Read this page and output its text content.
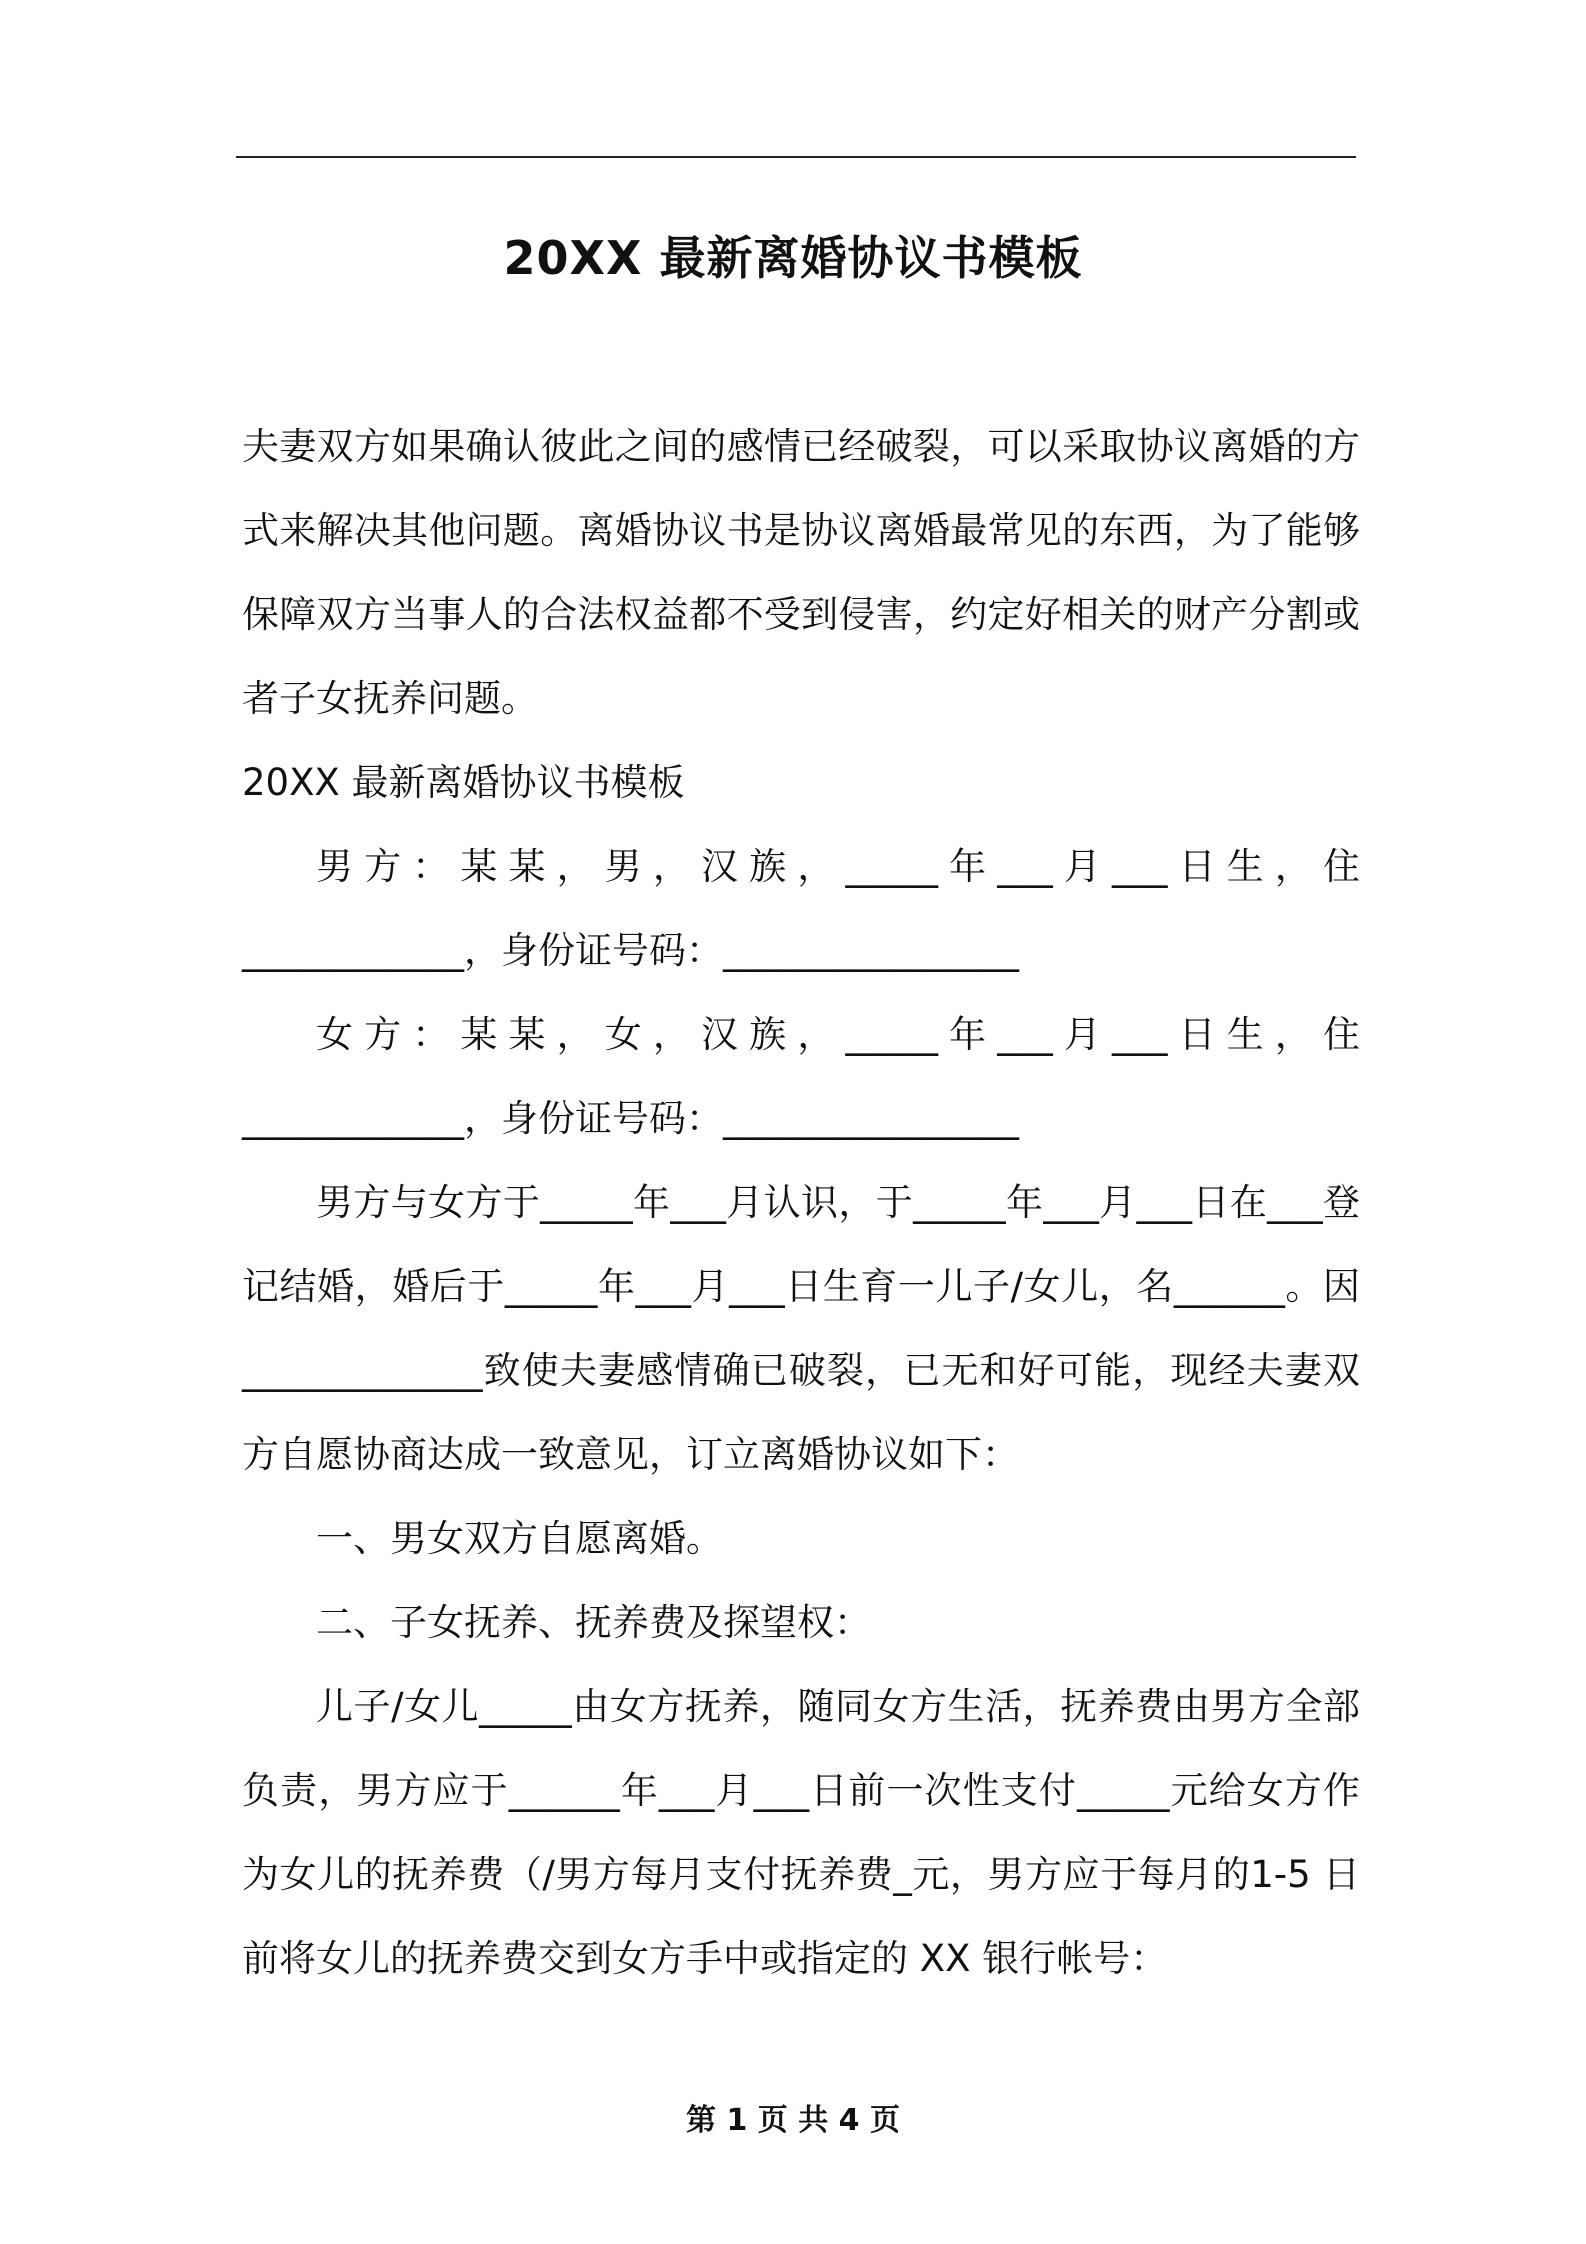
20XX 最新离婚协议书模板

夫妻双方如果确认彼此之间的感情已经破裂，可以采取协议离婚的方式来解决其他问题。离婚协议书是协议离婚最常见的东西，为了能够保障双方当事人的合法权益都不受到侵害，约定好相关的财产分割或者子女抚养问题。

20XX 最新离婚协议书模板

男方：某某，男，汉族，_____年___月___日生，住____________，身份证号码：________________

女方：某某，女，汉族，_____年___月___日生，住____________，身份证号码：________________

男方与女方于_____年___月认识，于_____年___月___日在___登记结婚，婚后于_____年___月___日生育一儿子/女儿，名______。因_____________致使夫妻感情确已破裂，已无和好可能，现经夫妻双方自愿协商达成一致意见，订立离婚协议如下：

一、男女双方自愿离婚。

二、子女抚养、抚养费及探望权：

儿子/女儿_____由女方抚养，随同女方生活，抚养费由男方全部负责，男方应于______年___月___日前一次性支付_____元给女方作为女儿的抚养费（/男方每月支付抚养费_元，男方应于每月的1-5 日前将女儿的抚养费交到女方手中或指定的 XX 银行帐号：

第 1 页 共 4 页
